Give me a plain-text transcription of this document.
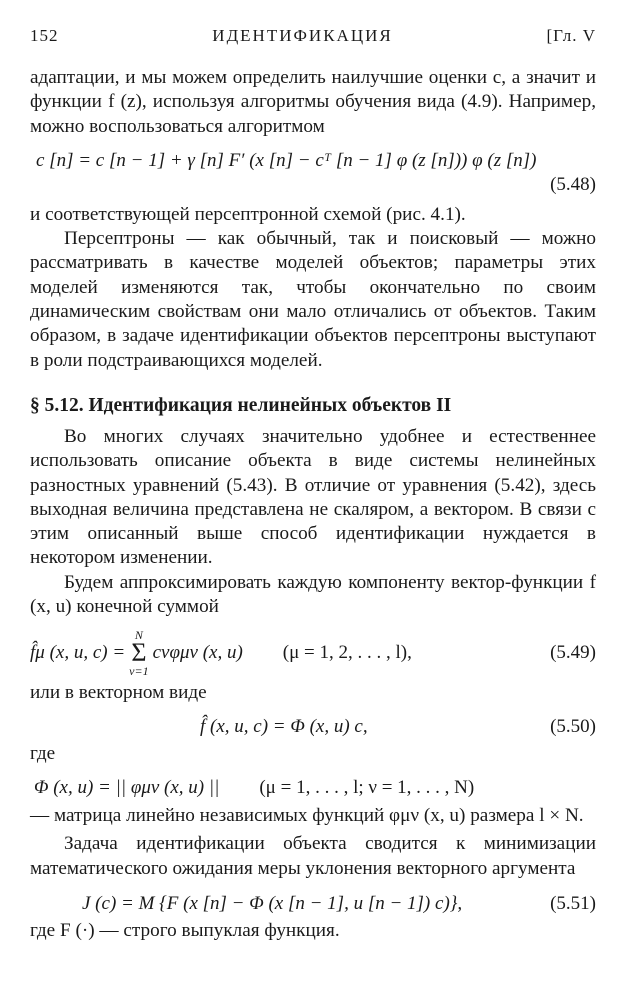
152	ИДЕНТИФИКАЦИЯ	[Гл. V

адаптации, и мы можем определить наилучшие оценки c, а значит и функции f (z), используя алгоритмы обучения вида (4.9). Например, можно воспользоваться алгоритмом

c [n] = c [n − 1] + γ [n] F′ (x [n] − cᵀ [n − 1] φ (z [n])) φ (z [n])
(5.48)

и соответствующей персептронной схемой (рис. 4.1).

Персептроны — как обычный, так и поисковый — можно рассматривать в качестве моделей объектов; параметры этих моделей изменяются так, чтобы окончательно по своим динамическим свойствам они мало отличались от объектов. Таким образом, в задаче идентификации объектов персептроны выступают в роли подстраивающихся моделей.

§ 5.12. Идентификация нелинейных объектов II

Во многих случаях значительно удобнее и естественнее использовать описание объекта в виде системы нелинейных разностных уравнений (5.43). В отличие от уравнения (5.42), здесь выходная величина представлена не скаляром, а вектором. В связи с этим описанный выше способ идентификации нуждается в некотором изменении.

Будем аппроксимировать каждую компоненту вектор-функции f (x, u) конечной суммой

f̂μ (x, u, c) =
N
Σ
ν=1
cνφμν (x, u) (μ = 1, 2, . . . , l),	(5.49)

или в векторном виде

f̂ (x, u, c) = Φ (x, u) c,	(5.50)

где

Φ (x, u) = || φμν (x, u) || (μ = 1, . . . , l; ν = 1, . . . , N)

— матрица линейно независимых функций φμν (x, u) размера l × N.

Задача идентификации объекта сводится к минимизации математического ожидания меры уклонения векторного аргумента

J (c) = M {F (x [n] − Φ (x [n − 1], u [n − 1]) c)},	(5.51)

где F (·) — строго выпуклая функция.
